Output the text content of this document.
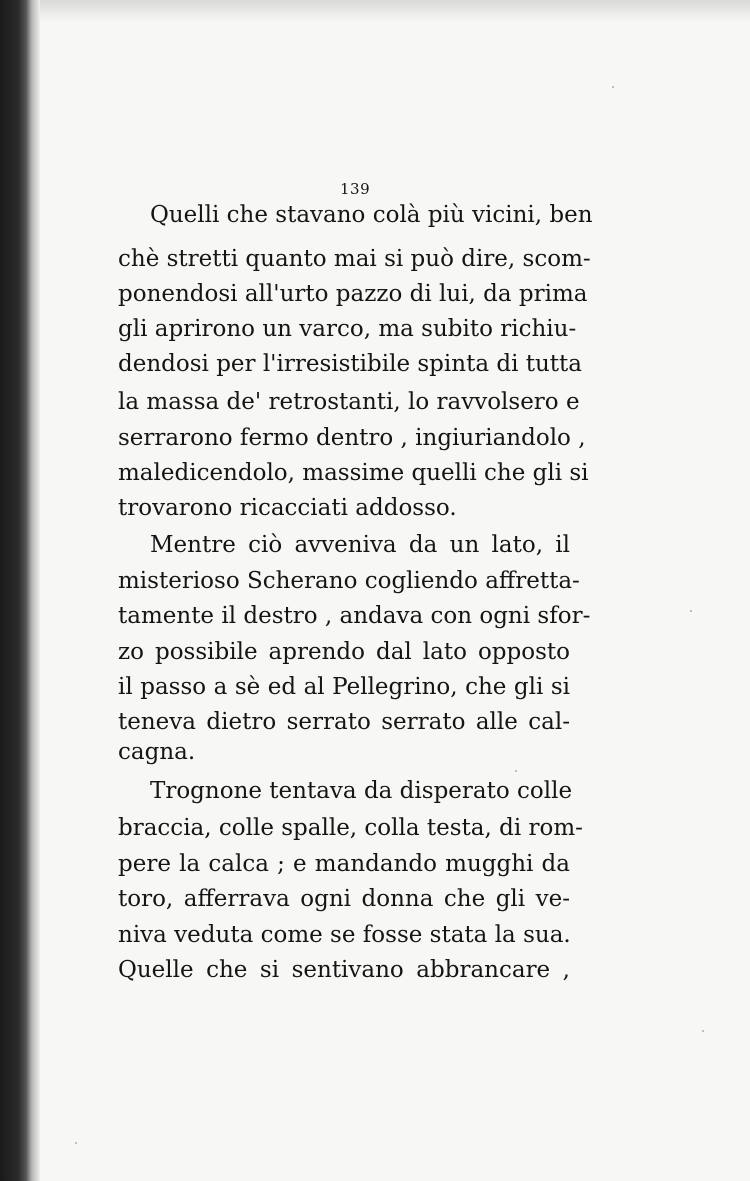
139
Quelli che stavano colà più vicini, ben
chè stretti quanto mai si può dire, scom-
ponendosi all'urto pazzo di lui, da prima
gli aprirono un varco, ma subito richiu-
dendosi per l'irresistibile spinta di tutta
la massa de' retrostanti, lo ravvolsero e
serrarono fermo dentro , ingiuriandolo ,
maledicendolo, massime quelli che gli si
trovarono ricacciati addosso.
Mentre ciò avveniva da un lato, il
misterioso Scherano cogliendo affretta-
tamente il destro , andava con ogni sfor-
zo possibile aprendo dal lato opposto
il passo a sè ed al Pellegrino, che gli si
teneva dietro serrato serrato alle cal-
cagna.
Trognone tentava da disperato colle
braccia, colle spalle, colla testa, di rom-
pere la calca ; e mandando mugghi da
toro, afferrava ogni donna che gli ve-
niva veduta come se fosse stata la sua.
Quelle che si sentivano abbrancare ,
